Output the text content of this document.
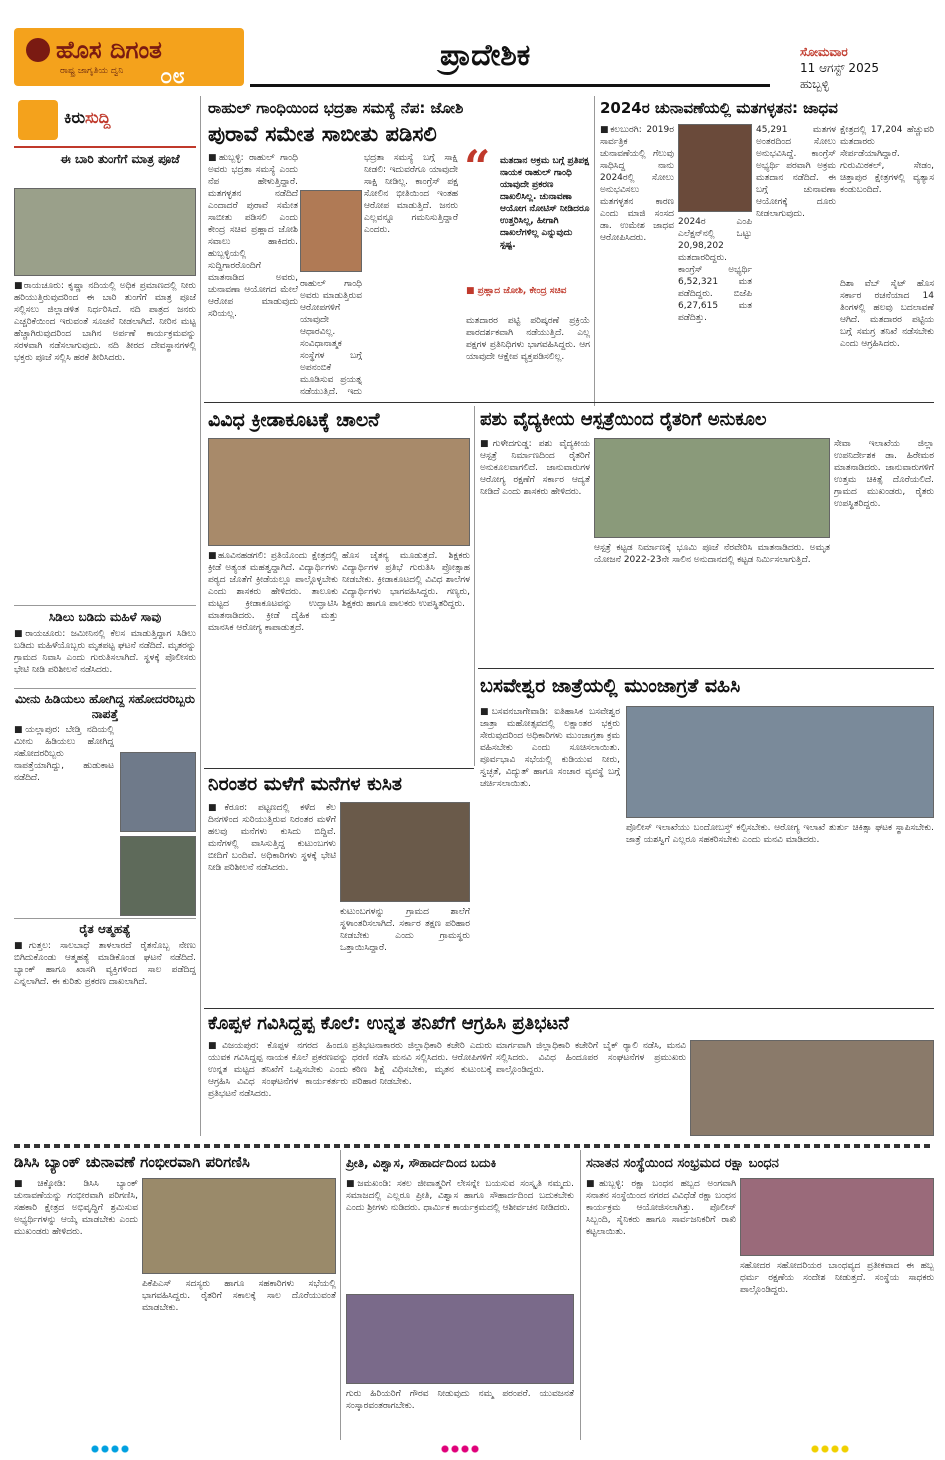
ಹೊಸ ದಿಗಂತ
ರಾಷ್ಟ್ರ ಜಾಗೃತಿಯ ದ್ವನಿ ೦೮
ಪ್ರಾದೇಶಿಕ	ಸೋಮವಾರ
11 ಆಗಸ್ಟ್ 2025
ಹುಬ್ಬಳ್ಳಿ
ಕಿರುಸುದ್ದಿ
ಈ ಬಾರಿ ತುಂಗೆಗೆ ಮಾತ್ರ ಪೂಜೆ
■ರಾಯಚೂರು: ಕೃಷ್ಣಾ ನದಿಯಲ್ಲಿ ಅಧಿಕ ಪ್ರಮಾಣದಲ್ಲಿ ನೀರು ಹರಿಯುತ್ತಿರುವುದರಿಂದ ಈ ಬಾರಿ ತುಂಗೆಗೆ ಮಾತ್ರ ಪೂಜೆ ಸಲ್ಲಿಸಲು ಜಿಲ್ಲಾಡಳಿತ ನಿರ್ಧರಿಸಿದೆ. ನದಿ ಪಾತ್ರದ ಜನರು ಎಚ್ಚರಿಕೆಯಿಂದ ಇರುವಂತೆ ಸೂಚನೆ ನೀಡಲಾಗಿದೆ. ನೀರಿನ ಮಟ್ಟ ಹೆಚ್ಚಾಗಿರುವುದರಿಂದ ಬಾಗಿನ ಅರ್ಪಣೆ ಕಾರ್ಯಕ್ರಮವನ್ನು ಸರಳವಾಗಿ ನಡೆಸಲಾಗುವುದು. ನದಿ ತೀರದ ದೇವಸ್ಥಾನಗಳಲ್ಲಿ ಭಕ್ತರು ಪೂಜೆ ಸಲ್ಲಿಸಿ ಹರಕೆ ತೀರಿಸಿದರು.
ಸಿಡಿಲು ಬಡಿದು ಮಹಿಳೆ ಸಾವು
■ರಾಯಚೂರು: ಜಮೀನಿನಲ್ಲಿ ಕೆಲಸ ಮಾಡುತ್ತಿದ್ದಾಗ ಸಿಡಿಲು ಬಡಿದು ಮಹಿಳೆಯೊಬ್ಬರು ಮೃತಪಟ್ಟ ಘಟನೆ ನಡೆದಿದೆ. ಮೃತರನ್ನು ಗ್ರಾಮದ ನಿವಾಸಿ ಎಂದು ಗುರುತಿಸಲಾಗಿದೆ. ಸ್ಥಳಕ್ಕೆ ಪೊಲೀಸರು ಭೇಟಿ ನೀಡಿ ಪರಿಶೀಲನೆ ನಡೆಸಿದರು.
ಮೀನು ಹಿಡಿಯಲು ಹೋಗಿದ್ದ ಸಹೋದರರಿಬ್ಬರು ನಾಪತ್ತೆ
■ಯಲ್ಲಾಪುರ: ಬೇಡ್ತಿ ನದಿಯಲ್ಲಿ ಮೀನು ಹಿಡಿಯಲು ಹೋಗಿದ್ದ ಸಹೋದರರಿಬ್ಬರು ನಾಪತ್ತೆಯಾಗಿದ್ದು, ಹುಡುಕಾಟ ನಡೆದಿದೆ.
ರೈತ ಆತ್ಮಹತ್ಯೆ
■ಗುತ್ತಲ: ಸಾಲಬಾಧೆ ತಾಳಲಾರದೆ ರೈತನೊಬ್ಬ ನೇಣು ಬಿಗಿದುಕೊಂಡು ಆತ್ಮಹತ್ಯೆ ಮಾಡಿಕೊಂಡ ಘಟನೆ ನಡೆದಿದೆ. ಬ್ಯಾಂಕ್ ಹಾಗೂ ಖಾಸಗಿ ವ್ಯಕ್ತಿಗಳಿಂದ ಸಾಲ ಪಡೆದಿದ್ದ ಎನ್ನಲಾಗಿದೆ. ಈ ಕುರಿತು ಪ್ರಕರಣ ದಾಖಲಾಗಿದೆ.
ರಾಹುಲ್ ಗಾಂಧಿಯಿಂದ ಭದ್ರತಾ ಸಮಸ್ಯೆ ನೆಪ: ಜೋಶಿ
ಪುರಾವೆ ಸಮೇತ ಸಾಬೀತು ಪಡಿಸಲಿ
■ಹುಬ್ಬಳ್ಳಿ: ರಾಹುಲ್ ಗಾಂಧಿ ಅವರು ಭದ್ರತಾ ಸಮಸ್ಯೆ ಎಂದು ನೆಪ ಹೇಳುತ್ತಿದ್ದಾರೆ. ಮತಗಳ್ಳತನ ನಡೆದಿದೆ ಎಂದಾದರೆ ಪುರಾವೆ ಸಮೇತ ಸಾಬೀತು ಪಡಿಸಲಿ ಎಂದು ಕೇಂದ್ರ ಸಚಿವ ಪ್ರಹ್ಲಾದ ಜೋಶಿ ಸವಾಲು ಹಾಕಿದರು. ಹುಬ್ಬಳ್ಳಿಯಲ್ಲಿ ಸುದ್ದಿಗಾರರೊಂದಿಗೆ ಮಾತನಾಡಿದ ಅವರು, ಚುನಾವಣಾ ಆಯೋಗದ ಮೇಲೆ ಆರೋಪ ಮಾಡುವುದು ಸರಿಯಲ್ಲ.
ಭದ್ರತಾ ಸಮಸ್ಯೆ ಬಗ್ಗೆ ಸಾಕ್ಷಿ ನೀಡಲಿ: ಇದುವರೆಗೂ ಯಾವುದೇ ಸಾಕ್ಷಿ ನೀಡಿಲ್ಲ. ಕಾಂಗ್ರೆಸ್ ಪಕ್ಷ ಸೋಲಿನ ಭೀತಿಯಿಂದ ಇಂತಹ ಆರೋಪ ಮಾಡುತ್ತಿದೆ. ಜನರು ಎಲ್ಲವನ್ನೂ ಗಮನಿಸುತ್ತಿದ್ದಾರೆ ಎಂದರು.
ರಾಹುಲ್ ಗಾಂಧಿ ಅವರು ಮಾಡುತ್ತಿರುವ ಆರೋಪಗಳಿಗೆ ಯಾವುದೇ ಆಧಾರವಿಲ್ಲ. ಸಂವಿಧಾನಾತ್ಮಕ ಸಂಸ್ಥೆಗಳ ಬಗ್ಗೆ ಅಪನಂಬಿಕೆ ಮೂಡಿಸುವ ಪ್ರಯತ್ನ ನಡೆಯುತ್ತಿದೆ. ಇದು
“ ಮತದಾನ ಅಕ್ರಮ ಬಗ್ಗೆ ಪ್ರತಿಪಕ್ಷ ನಾಯಕ ರಾಹುಲ್ ಗಾಂಧಿ ಯಾವುದೇ ಪ್ರಕರಣ ದಾಖಲಿಸಿಲ್ಲ. ಚುನಾವಣಾ ಆಯೋಗ ನೋಟಿಸ್ ನೀಡಿದರೂ ಉತ್ತರಿಸಿಲ್ಲ, ಹೀಗಾಗಿ ದಾಖಲೆಗಳಿಲ್ಲ ಎನ್ನುವುದು ಸ್ಪಷ್ಟ.
■ ಪ್ರಹ್ಲಾದ ಜೋಶಿ, ಕೇಂದ್ರ ಸಚಿವ
ಮತದಾರರ ಪಟ್ಟಿ ಪರಿಷ್ಕರಣೆ ಪ್ರಕ್ರಿಯೆ ಪಾರದರ್ಶಕವಾಗಿ ನಡೆಯುತ್ತಿದೆ. ಎಲ್ಲ ಪಕ್ಷಗಳ ಪ್ರತಿನಿಧಿಗಳು ಭಾಗವಹಿಸಿದ್ದರು. ಆಗ ಯಾವುದೇ ಆಕ್ಷೇಪ ವ್ಯಕ್ತಪಡಿಸಲಿಲ್ಲ.
2024ರ ಚುನಾವಣೆಯಲ್ಲಿ ಮತಗಳ್ಳತನ: ಜಾಧವ
■ಕಲಬುರಗಿ: 2019ರ ಸಾರ್ವತ್ರಿಕ ಚುನಾವಣೆಯಲ್ಲಿ ಗೆಲುವು ಸಾಧಿಸಿದ್ದ ನಾನು 2024ರಲ್ಲಿ ಸೋಲು ಅನುಭವಿಸಲು ಮತಗಳ್ಳತನ ಕಾರಣ ಎಂದು ಮಾಜಿ ಸಂಸದ ಡಾ. ಉಮೇಶ ಜಾಧವ ಆರೋಪಿಸಿದರು.
45,291 ಮತಗಳ ಅಂತರದಿಂದ ಸೋಲು ಅನುಭವಿಸಿದ್ದೆ. ಕಾಂಗ್ರೆಸ್ ಅಭ್ಯರ್ಥಿ ಪರವಾಗಿ ಅಕ್ರಮ ಮತದಾನ ನಡೆದಿದೆ. ಈ ಬಗ್ಗೆ ಚುನಾವಣಾ ಆಯೋಗಕ್ಕೆ ದೂರು ನೀಡಲಾಗುವುದು.
ಕ್ಷೇತ್ರದಲ್ಲಿ 17,204 ಹೆಚ್ಚುವರಿ ಮತದಾರರು ಸೇರ್ಪಡೆಯಾಗಿದ್ದಾರೆ. ಗುರುಮಿಠಕಲ್, ಸೇಡಂ, ಚಿತ್ತಾಪುರ ಕ್ಷೇತ್ರಗಳಲ್ಲಿ ವ್ಯತ್ಯಾಸ ಕಂಡುಬಂದಿದೆ.
2024ರ ಎಂಪಿ ಎಲೆಕ್ಷನ್‌ನಲ್ಲಿ ಒಟ್ಟು 20,98,202 ಮತದಾರರಿದ್ದರು. ಕಾಂಗ್ರೆಸ್ ಅಭ್ಯರ್ಥಿ 6,52,321 ಮತ ಪಡೆದಿದ್ದರು. ಬಿಜೆಪಿ 6,27,615 ಮತ ಪಡೆದಿತ್ತು.
ದಿಶಾ ವೆಬ್ ಸೈಟ್ ಹೊಸ ಸರ್ಕಾರ ರಚನೆಯಾದ 14 ತಿಂಗಳಲ್ಲಿ ಹಲವು ಬದಲಾವಣೆ ಆಗಿದೆ. ಮತದಾರರ ಪಟ್ಟಿಯ ಬಗ್ಗೆ ಸಮಗ್ರ ತನಿಖೆ ನಡೆಸಬೇಕು ಎಂದು ಆಗ್ರಹಿಸಿದರು.
ವಿವಿಧ ಕ್ರೀಡಾಕೂಟಕ್ಕೆ ಚಾಲನೆ
■ಹೂವಿನಹಡಗಲಿ: ಪ್ರತಿಯೊಂದು ಕ್ಷೇತ್ರದಲ್ಲಿ ಕ್ರೀಡೆ ಅತ್ಯಂತ ಮಹತ್ವದ್ದಾಗಿದೆ. ವಿದ್ಯಾರ್ಥಿಗಳು ಪಠ್ಯದ ಜೊತೆಗೆ ಕ್ರೀಡೆಯಲ್ಲೂ ಪಾಲ್ಗೊಳ್ಳಬೇಕು ಎಂದು ಶಾಸಕರು ಹೇಳಿದರು. ತಾಲೂಕು ಮಟ್ಟದ ಕ್ರೀಡಾಕೂಟವನ್ನು ಉದ್ಘಾಟಿಸಿ ಮಾತನಾಡಿದರು. ಕ್ರೀಡೆ ದೈಹಿಕ ಮತ್ತು ಮಾನಸಿಕ ಆರೋಗ್ಯ ಕಾಪಾಡುತ್ತದೆ.
ಹೊಸ ಚೈತನ್ಯ ಮೂಡುತ್ತದೆ. ಶಿಕ್ಷಕರು ವಿದ್ಯಾರ್ಥಿಗಳ ಪ್ರತಿಭೆ ಗುರುತಿಸಿ ಪ್ರೋತ್ಸಾಹ ನೀಡಬೇಕು. ಕ್ರೀಡಾಕೂಟದಲ್ಲಿ ವಿವಿಧ ಶಾಲೆಗಳ ವಿದ್ಯಾರ್ಥಿಗಳು ಭಾಗವಹಿಸಿದ್ದರು. ಗಣ್ಯರು, ಶಿಕ್ಷಕರು ಹಾಗೂ ಪಾಲಕರು ಉಪಸ್ಥಿತರಿದ್ದರು.
ಪಶು ವೈದ್ಯಕೀಯ ಆಸ್ಪತ್ರೆಯಿಂದ ರೈತರಿಗೆ ಅನುಕೂಲ
■ಗುಳೇದಗುಡ್ಡ: ಪಶು ವೈದ್ಯಕೀಯ ಆಸ್ಪತ್ರೆ ನಿರ್ಮಾಣದಿಂದ ರೈತರಿಗೆ ಅನುಕೂಲವಾಗಲಿದೆ. ಜಾನುವಾರುಗಳ ಆರೋಗ್ಯ ರಕ್ಷಣೆಗೆ ಸರ್ಕಾರ ಆದ್ಯತೆ ನೀಡಿದೆ ಎಂದು ಶಾಸಕರು ಹೇಳಿದರು.
ಆಸ್ಪತ್ರೆ ಕಟ್ಟಡ ನಿರ್ಮಾಣಕ್ಕೆ ಭೂಮಿ ಪೂಜೆ ನೆರವೇರಿಸಿ ಮಾತನಾಡಿದರು. ಅಮೃತ ಯೋಜನೆ 2022-23ನೇ ಸಾಲಿನ ಅನುದಾನದಲ್ಲಿ ಕಟ್ಟಡ ನಿರ್ಮಿಸಲಾಗುತ್ತಿದೆ.
ಸೇವಾ ಇಲಾಖೆಯ ಜಿಲ್ಲಾ ಉಪನಿರ್ದೇಶಕ ಡಾ. ಹಿರೇಮಠ ಮಾತನಾಡಿದರು. ಜಾನುವಾರುಗಳಿಗೆ ಉತ್ತಮ ಚಿಕಿತ್ಸೆ ದೊರೆಯಲಿದೆ. ಗ್ರಾಮದ ಮುಖಂಡರು, ರೈತರು ಉಪಸ್ಥಿತರಿದ್ದರು.
ಬಸವೇಶ್ವರ ಜಾತ್ರೆಯಲ್ಲಿ ಮುಂಜಾಗ್ರತೆ ವಹಿಸಿ
■ಬಸವನಬಾಗೇವಾಡಿ: ಐತಿಹಾಸಿಕ ಬಸವೇಶ್ವರ ಜಾತ್ರಾ ಮಹೋತ್ಸವದಲ್ಲಿ ಲಕ್ಷಾಂತರ ಭಕ್ತರು ಸೇರುವುದರಿಂದ ಅಧಿಕಾರಿಗಳು ಮುಂಜಾಗ್ರತಾ ಕ್ರಮ ವಹಿಸಬೇಕು ಎಂದು ಸೂಚಿಸಲಾಯಿತು. ಪೂರ್ವಭಾವಿ ಸಭೆಯಲ್ಲಿ ಕುಡಿಯುವ ನೀರು, ಸ್ವಚ್ಛತೆ, ವಿದ್ಯುತ್ ಹಾಗೂ ಸಂಚಾರ ವ್ಯವಸ್ಥೆ ಬಗ್ಗೆ ಚರ್ಚಿಸಲಾಯಿತು.
ಪೊಲೀಸ್ ಇಲಾಖೆಯು ಬಂದೋಬಸ್ತ್ ಕಲ್ಪಿಸಬೇಕು. ಆರೋಗ್ಯ ಇಲಾಖೆ ತುರ್ತು ಚಿಕಿತ್ಸಾ ಘಟಕ ಸ್ಥಾಪಿಸಬೇಕು. ಜಾತ್ರೆ ಯಶಸ್ವಿಗೆ ಎಲ್ಲರೂ ಸಹಕರಿಸಬೇಕು ಎಂದು ಮನವಿ ಮಾಡಿದರು.
ನಿರಂತರ ಮಳೆಗೆ ಮನೆಗಳ ಕುಸಿತ
■ಕೆರೂರ: ಪಟ್ಟಣದಲ್ಲಿ ಕಳೆದ ಕೆಲ ದಿನಗಳಿಂದ ಸುರಿಯುತ್ತಿರುವ ನಿರಂತರ ಮಳೆಗೆ ಹಲವು ಮನೆಗಳು ಕುಸಿದು ಬಿದ್ದಿವೆ. ಮನೆಗಳಲ್ಲಿ ವಾಸಿಸುತ್ತಿದ್ದ ಕುಟುಂಬಗಳು ಬೀದಿಗೆ ಬಂದಿವೆ. ಅಧಿಕಾರಿಗಳು ಸ್ಥಳಕ್ಕೆ ಭೇಟಿ ನೀಡಿ ಪರಿಶೀಲನೆ ನಡೆಸಿದರು.
ಕುಟುಂಬಗಳನ್ನು ಗ್ರಾಮದ ಶಾಲೆಗೆ ಸ್ಥಳಾಂತರಿಸಲಾಗಿದೆ. ಸರ್ಕಾರ ತಕ್ಷಣ ಪರಿಹಾರ ನೀಡಬೇಕು ಎಂದು ಗ್ರಾಮಸ್ಥರು ಒತ್ತಾಯಿಸಿದ್ದಾರೆ.
ಕೊಪ್ಪಳ ಗವಿಸಿದ್ದಪ್ಪ ಕೊಲೆ: ಉನ್ನತ ತನಿಖೆಗೆ ಆಗ್ರಹಿಸಿ ಪ್ರತಿಭಟನೆ
■ವಿಜಯಪುರ: ಕೊಪ್ಪಳ ನಗರದ ಹಿಂದೂ ಯುವಕ ಗವಿಸಿದ್ದಪ್ಪ ನಾಯಕ ಕೊಲೆ ಪ್ರಕರಣವನ್ನು ಉನ್ನತ ಮಟ್ಟದ ತನಿಖೆಗೆ ಒಪ್ಪಿಸಬೇಕು ಎಂದು ಆಗ್ರಹಿಸಿ ವಿವಿಧ ಸಂಘಟನೆಗಳ ಕಾರ್ಯಕರ್ತರು ಪ್ರತಿಭಟನೆ ನಡೆಸಿದರು.
ಪ್ರತಿಭಟನಾಕಾರರು ಜಿಲ್ಲಾಧಿಕಾರಿ ಕಚೇರಿ ಎದುರು ಧರಣಿ ನಡೆಸಿ ಮನವಿ ಸಲ್ಲಿಸಿದರು. ಆರೋಪಿಗಳಿಗೆ ಕಠಿಣ ಶಿಕ್ಷೆ ವಿಧಿಸಬೇಕು, ಮೃತನ ಕುಟುಂಬಕ್ಕೆ ಪರಿಹಾರ ನೀಡಬೇಕು.
ಮಾರ್ಗವಾಗಿ ಜಿಲ್ಲಾಧಿಕಾರಿ ಕಚೇರಿಗೆ ಬೈಕ್ ರ್‍ಯಾಲಿ ನಡೆಸಿ, ಮನವಿ ಸಲ್ಲಿಸಿದರು. ವಿವಿಧ ಹಿಂದೂಪರ ಸಂಘಟನೆಗಳ ಪ್ರಮುಖರು ಪಾಲ್ಗೊಂಡಿದ್ದರು.
ಡಿಸಿಸಿ ಬ್ಯಾಂಕ್ ಚುನಾವಣೆ ಗಂಭೀರವಾಗಿ ಪರಿಗಣಿಸಿ
■ಚಿಕ್ಕೋಡಿ: ಡಿಸಿಸಿ ಬ್ಯಾಂಕ್ ಚುನಾವಣೆಯನ್ನು ಗಂಭೀರವಾಗಿ ಪರಿಗಣಿಸಿ, ಸಹಕಾರಿ ಕ್ಷೇತ್ರದ ಅಭಿವೃದ್ಧಿಗೆ ಶ್ರಮಿಸುವ ಅಭ್ಯರ್ಥಿಗಳನ್ನು ಆಯ್ಕೆ ಮಾಡಬೇಕು ಎಂದು ಮುಖಂಡರು ಹೇಳಿದರು.
ಪಿಕೆಪಿಎಸ್ ಸದಸ್ಯರು ಹಾಗೂ ಸಹಕಾರಿಗಳು ಸಭೆಯಲ್ಲಿ ಭಾಗವಹಿಸಿದ್ದರು. ರೈತರಿಗೆ ಸಕಾಲಕ್ಕೆ ಸಾಲ ದೊರೆಯುವಂತೆ ಮಾಡಬೇಕು.
ಪ್ರೀತಿ, ವಿಶ್ವಾಸ, ಸೌಹಾರ್ದದಿಂದ ಬದುಕಿ
■ಜಮಖಂಡಿ: ಸಕಲ ಜೀವಾತ್ಮರಿಗೆ ಲೇಸನ್ನೇ ಬಯಸುವ ಸಂಸ್ಕೃತಿ ನಮ್ಮದು. ಸಮಾಜದಲ್ಲಿ ಎಲ್ಲರೂ ಪ್ರೀತಿ, ವಿಶ್ವಾಸ ಹಾಗೂ ಸೌಹಾರ್ದದಿಂದ ಬದುಕಬೇಕು ಎಂದು ಶ್ರೀಗಳು ನುಡಿದರು. ಧಾರ್ಮಿಕ ಕಾರ್ಯಕ್ರಮದಲ್ಲಿ ಆಶೀರ್ವಚನ ನೀಡಿದರು.
ಗುರು ಹಿರಿಯರಿಗೆ ಗೌರವ ನೀಡುವುದು ನಮ್ಮ ಪರಂಪರೆ. ಯುವಜನತೆ ಸಂಸ್ಕಾರವಂತರಾಗಬೇಕು.
ಸನಾತನ ಸಂಸ್ಥೆಯಿಂದ ಸಂಭ್ರಮದ ರಕ್ಷಾ ಬಂಧನ
■ಹುಬ್ಬಳ್ಳಿ: ರಕ್ಷಾ ಬಂಧನ ಹಬ್ಬದ ಅಂಗವಾಗಿ ಸನಾತನ ಸಂಸ್ಥೆಯಿಂದ ನಗರದ ವಿವಿಧೆಡೆ ರಕ್ಷಾ ಬಂಧನ ಕಾರ್ಯಕ್ರಮ ಆಯೋಜಿಸಲಾಗಿತ್ತು. ಪೊಲೀಸ್ ಸಿಬ್ಬಂದಿ, ಸೈನಿಕರು ಹಾಗೂ ಸಾರ್ವಜನಿಕರಿಗೆ ರಾಖಿ ಕಟ್ಟಲಾಯಿತು.
ಸಹೋದರ ಸಹೋದರಿಯರ ಬಾಂಧವ್ಯದ ಪ್ರತೀಕವಾದ ಈ ಹಬ್ಬ ಧರ್ಮ ರಕ್ಷಣೆಯ ಸಂದೇಶ ನೀಡುತ್ತದೆ. ಸಂಸ್ಥೆಯ ಸಾಧಕರು ಪಾಲ್ಗೊಂಡಿದ್ದರು.
